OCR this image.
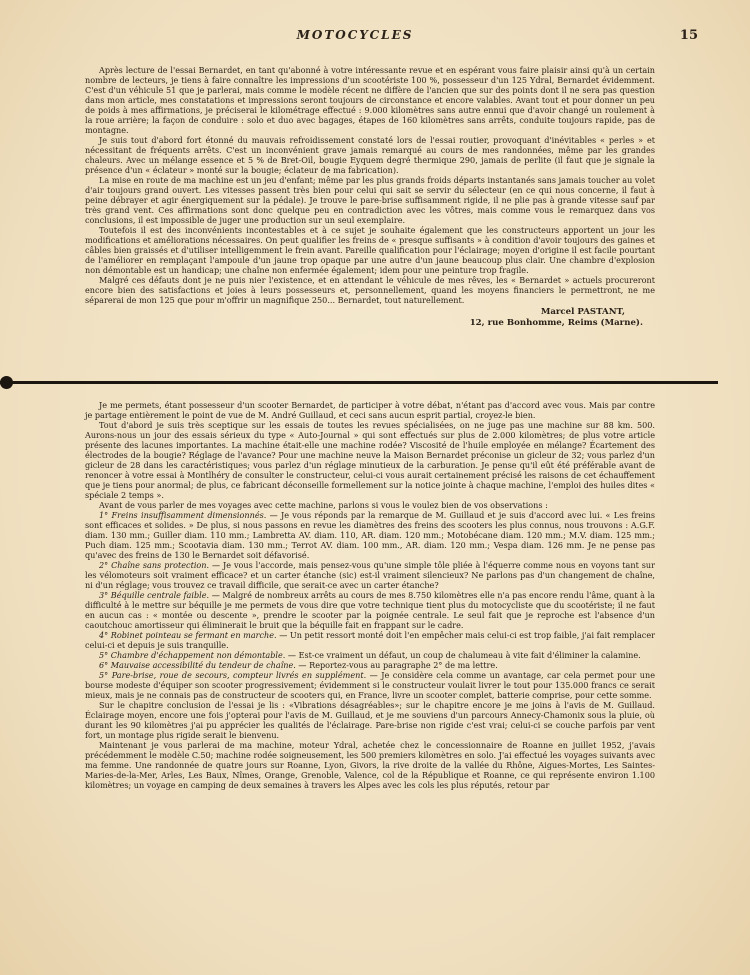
MOTOCYCLES	15

Après lecture de l'essai Bernardet, en tant qu'abonné à votre intéressante revue et en espérant vous faire plaisir ainsi qu'à un certain nombre de lecteurs, je tiens à faire connaître les impressions d'un scootériste 100 %, possesseur d'un 125 Ydral, Bernardet évidemment. C'est d'un véhicule 51 que je parlerai, mais comme le modèle récent ne diffère de l'ancien que sur des points dont il ne sera pas question dans mon article, mes constatations et impressions seront toujours de circonstance et encore valables. Avant tout et pour donner un peu de poids à mes affirmations, je préciserai le kilométrage effectué : 9.000 kilomètres sans autre ennui que d'avoir changé un roulement à la roue arrière; la façon de conduire : solo et duo avec bagages, étapes de 160 kilomètres sans arrêts, conduite toujours rapide, pas de montagne.

Je suis tout d'abord fort étonné du mauvais refroidissement constaté lors de l'essai routier, provoquant d'inévitables « perles » et nécessitant de fréquents arrêts. C'est un inconvénient grave jamais remarqué au cours de mes randonnées, même par les grandes chaleurs. Avec un mélange essence et 5 % de Bret-Oil, bougie Eyquem degré thermique 290, jamais de perlite (il faut que je signale la présence d'un « éclateur » monté sur la bougie; éclateur de ma fabrication).

La mise en route de ma machine est un jeu d'enfant; même par les plus grands froids départs instantanés sans jamais toucher au volet d'air toujours grand ouvert. Les vitesses passent très bien pour celui qui sait se servir du sélecteur (en ce qui nous concerne, il faut à peine débrayer et agir énergiquement sur la pédale). Je trouve le pare-brise suffisamment rigide, il ne plie pas à grande vitesse sauf par très grand vent. Ces affirmations sont donc quelque peu en contradiction avec les vôtres, mais comme vous le remarquez dans vos conclusions, il est impossible de juger une production sur un seul exemplaire.

Toutefois il est des inconvénients incontestables et à ce sujet je souhaite également que les constructeurs apportent un jour les modifications et améliorations nécessaires. On peut qualifier les freins de « presque suffisants » à condition d'avoir toujours des gaines et câbles bien graissés et d'utiliser intelligemment le frein avant. Pareille qualification pour l'éclairage; moyen d'origine il est facile pourtant de l'améliorer en remplaçant l'ampoule d'un jaune trop opaque par une autre d'un jaune beaucoup plus clair. Une chambre d'explosion non démontable est un handicap; une chaîne non enfermée également; idem pour une peinture trop fragile.

Malgré ces défauts dont je ne puis nier l'existence, et en attendant le véhicule de mes rêves, les « Bernardet » actuels procureront encore bien des satisfactions et joies à leurs possesseurs et, personnellement, quand les moyens financiers le permettront, ne me séparerai de mon 125 que pour m'offrir un magnifique 250... Bernardet, tout naturellement.

Marcel PASTANT,
12, rue Bonhomme, Reims (Marne).

Je me permets, étant possesseur d'un scooter Bernardet, de participer à votre débat, n'étant pas d'accord avec vous. Mais par contre je partage entièrement le point de vue de M. André Guillaud, et ceci sans aucun esprit partial, croyez-le bien.

Tout d'abord je suis très sceptique sur les essais de toutes les revues spécialisées, on ne juge pas une machine sur 88 km. 500. Aurons-nous un jour des essais sérieux du type « Auto-Journal » qui sont effectués sur plus de 2.000 kilomètres; de plus votre article présente des lacunes importantes. La machine était-elle une machine rodée? Viscosité de l'huile employée en mélange? Écartement des électrodes de la bougie? Réglage de l'avance? Pour une machine neuve la Maison Bernardet préconise un gicleur de 32; vous parlez d'un gicleur de 28 dans les caractéristiques; vous parlez d'un réglage minutieux de la carburation. Je pense qu'il eût été préférable avant de renoncer à votre essai à Montlhéry de consulter le constructeur, celui-ci vous aurait certainement précisé les raisons de cet échauffement que je tiens pour anormal; de plus, ce fabricant déconseille formellement sur la notice jointe à chaque machine, l'emploi des huiles dites « spéciale 2 temps ».

Avant de vous parler de mes voyages avec cette machine, parlons si vous le voulez bien de vos observations :

1° Freins insuffisamment dimensionnés. — Je vous réponds par la remarque de M. Guillaud et je suis d'accord avec lui. « Les freins sont efficaces et solides. » De plus, si nous passons en revue les diamètres des freins des scooters les plus connus, nous trouvons : A.G.F. diam. 130 mm.; Guiller diam. 110 mm.; Lambretta AV. diam. 110, AR. diam. 120 mm.; Motobécane diam. 120 mm.; M.V. diam. 125 mm.; Puch diam. 125 mm.; Scootavia diam. 130 mm.; Terrot AV. diam. 100 mm., AR. diam. 120 mm.; Vespa diam. 126 mm. Je ne pense pas qu'avec des freins de 130 le Bernardet soit défavorisé.

2° Chaîne sans protection. — Je vous l'accorde, mais pensez-vous qu'une simple tôle pliée à l'équerre comme nous en voyons tant sur les vélomoteurs soit vraiment efficace? et un carter étanche (sic) est-il vraiment silencieux? Ne parlons pas d'un changement de chaîne, ni d'un réglage; vous trouvez ce travail difficile, que serait-ce avec un carter étanche?

3° Béquille centrale faible. — Malgré de nombreux arrêts au cours de mes 8.750 kilomètres elle n'a pas encore rendu l'âme, quant à la difficulté à le mettre sur béquille je me permets de vous dire que votre technique tient plus du motocycliste que du scootériste; il ne faut en aucun cas : « montée ou descente », prendre le scooter par la poignée centrale. Le seul fait que je reproche est l'absence d'un caoutchouc amortisseur qui éliminerait le bruit que la béquille fait en frappant sur le cadre.

4° Robinet pointeau se fermant en marche. — Un petit ressort monté doit l'en empêcher mais celui-ci est trop faible, j'ai fait remplacer celui-ci et depuis je suis tranquille.

5° Chambre d'échappement non démontable. — Est-ce vraiment un défaut, un coup de chalumeau à vite fait d'éliminer la calamine.

6° Mauvaise accessibilité du tendeur de chaîne. — Reportez-vous au paragraphe 2° de ma lettre.

5° Pare-brise, roue de secours, compteur livrés en supplément. — Je considère cela comme un avantage, car cela permet pour une bourse modeste d'équiper son scooter progressivement; évidemment si le constructeur voulait livrer le tout pour 135.000 francs ce serait mieux, mais je ne connais pas de constructeur de scooters qui, en France, livre un scooter complet, batterie comprise, pour cette somme.

Sur le chapitre conclusion de l'essai je lis : «Vibrations désagréables»; sur le chapitre encore je me joins à l'avis de M. Guillaud. Éclairage moyen, encore une fois j'opterai pour l'avis de M. Guillaud, et je me souviens d'un parcours Annecy-Chamonix sous la pluie, où durant les 90 kilomètres j'ai pu apprécier les qualités de l'éclairage. Pare-brise non rigide c'est vrai; celui-ci se couche parfois par vent fort, un montage plus rigide serait le bienvenu.

Maintenant je vous parlerai de ma machine, moteur Ydral, achetée chez le concessionnaire de Roanne en juillet 1952, j'avais précédemment le modèle C.50; machine rodée soigneusement, les 500 premiers kilomètres en solo. J'ai effectué les voyages suivants avec ma femme. Une randonnée de quatre jours sur Roanne, Lyon, Givors, la rive droite de la vallée du Rhône, Aigues-Mortes, Les Saintes-Maries-de-la-Mer, Arles, Les Baux, Nîmes, Orange, Grenoble, Valence, col de la République et Roanne, ce qui représente environ 1.100 kilomètres; un voyage en camping de deux semaines à travers les Alpes avec les cols les plus réputés, retour par
